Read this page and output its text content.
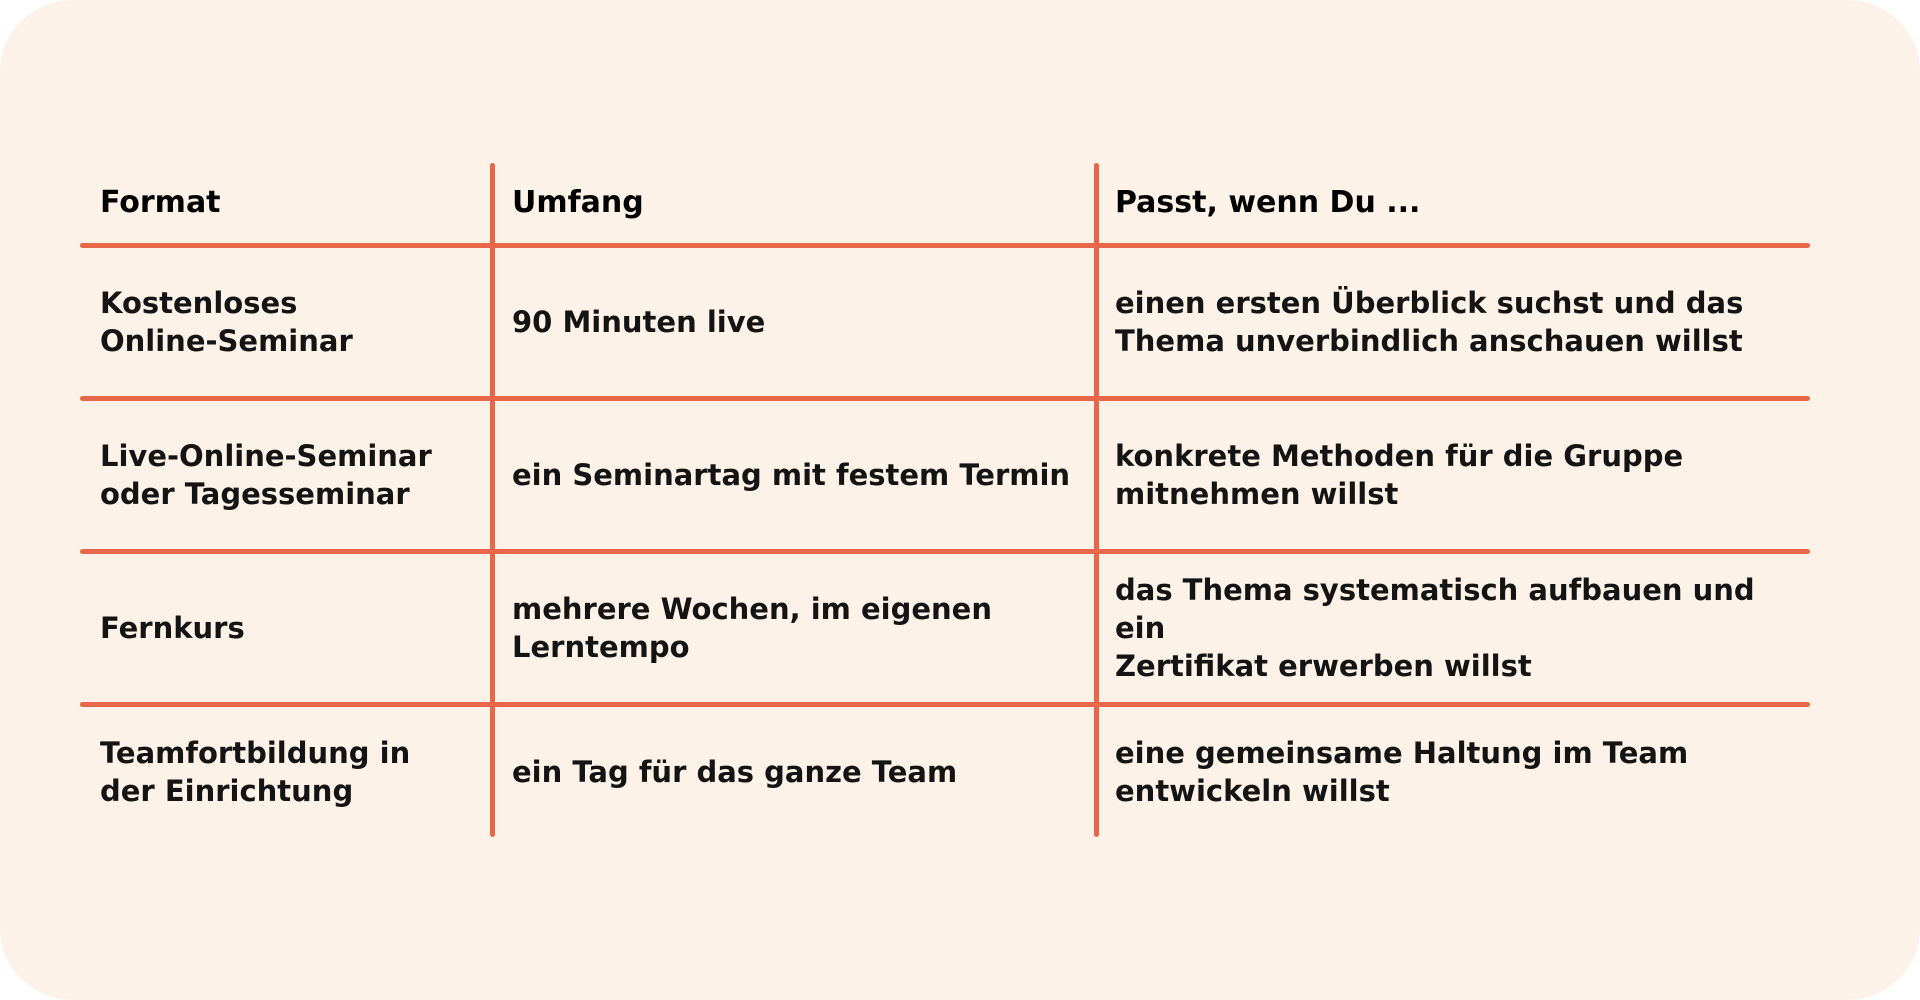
Format	Umfang	Passt, wenn Du ...
Kostenloses
Online-Seminar
90 Minuten live
einen ersten Überblick suchst und das
Thema unverbindlich anschauen willst
Live-Online-Seminar
oder Tagesseminar
ein Seminartag mit festem Termin
konkrete Methoden für die Gruppe
mitnehmen willst
Fernkurs
mehrere Wochen, im eigenen
Lerntempo
das Thema systematisch aufbauen und ein
Zertifikat erwerben willst
Teamfortbildung in
der Einrichtung
ein Tag für das ganze Team
eine gemeinsame Haltung im Team
entwickeln willst
